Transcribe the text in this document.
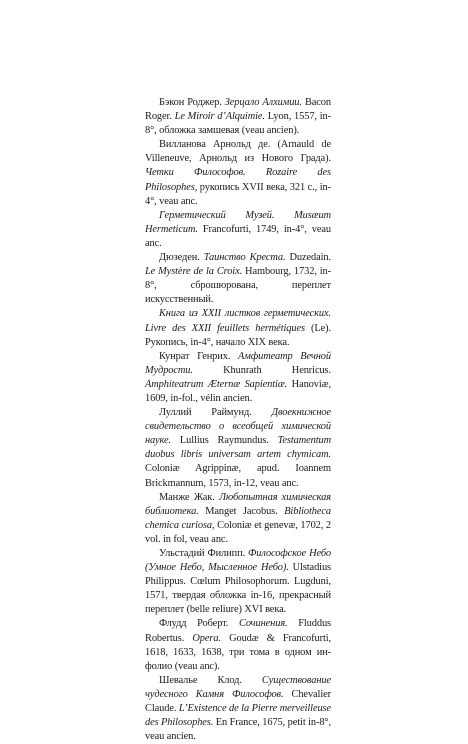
Бэкон Роджер. Зерцало Алхимии. Bacon Roger. Le Miroir d’Alquimie. Lyon, 1557, in-8°, обложка замшевая (veau ancien).

Вилланова Арнольд де. (Arnauld de Villeneuve, Арнольд из Нового Града). Четки Философов. Rozaire des Philosophes, рукопись XVII века, 321 с., in-4°, veau anc.

Герметический Музей. Musæum Hermeticum. Francofurti, 1749, in-4°, veau anc.

Дюзеден. Таинство Креста. Duzedain. Le Mystère de la Croix. Hambourg, 1732, in-8°, сброшюрована, переплет искусственный.

Книга из XXII листков герметических. Livre des XXII feuillets hermétiques (Le). Рукопись, in-4°, начало XIX века.

Кунрат Генрих. Амфитеатр Вечной Мудрости. Khunrath Henricus. Amphiteatrum Æternæ Sapientiæ. Hanoviæ, 1609, in-fol., vélin ancien.

Луллий Раймунд. Двоекнижное свидетельство о всеобщей химической науке. Lullius Raymundus. Testamentum duobus libris universam artem chymicam. Coloniæ Agrippinæ, apud. Ioannem Brickmannum, 1573, in-12, veau anc.

Манже Жак. Любопытная химическая библиотека. Manget Jacobus. Bibliotheca chemica curiosa, Coloniæ et genevæ, 1702, 2 vol. in fol, veau anc.

Ульстадий Филипп. Философское Небо (Умное Небо, Мысленное Небо). Ulstadius Philippus. Cœlum Philosophorum. Lugduni, 1571, твердая обложка in-16, прекрасный переплет (belle reliure) XVI века.

Флудд Роберт. Сочинения. Fluddus Robertus. Opera. Goudæ & Francofurti, 1618, 1633, 1638, три тома в одном ин-фолио (veau anc).

Шевалье Клод. Существование чудесного Камня Философов. Chevalier Claude. L’Existence de la Pierre merveilleuse des Philosophes. En France, 1675, petit in-8°, veau ancien.
